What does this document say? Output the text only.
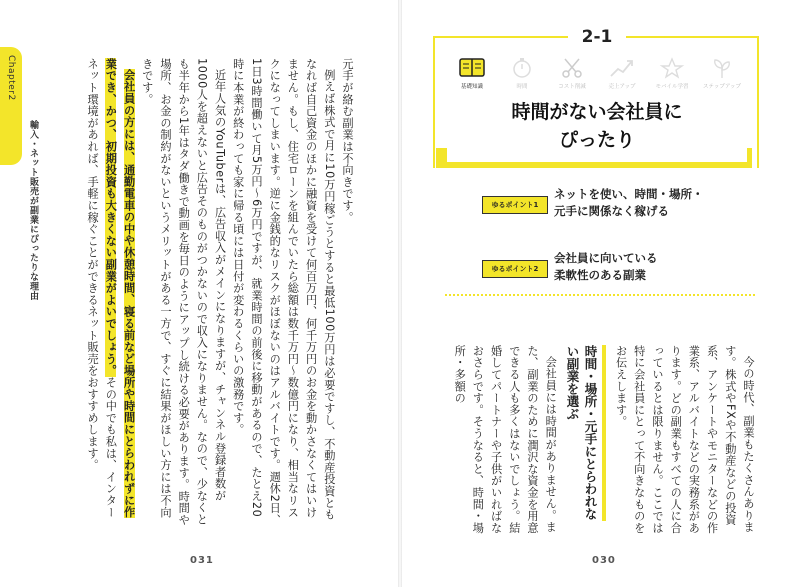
Chapter2
輸入・ネット販売が副業にぴったりな理由	元手が絡む副業は不向きです。

例えば株式で月に10万円稼ごうとすると最低100万円は必要ですし、不動産投資ともなれば自己資金のほかに融資を受けて何百万円、何千万円のお金を動かさなくてはいけません。もし、住宅ローンを組んでいたら総額は数千万円〜数億円になり、相当なリスクになってしまいます。逆に金銭的なリスクがほぼないのはアルバイトです。週休2日、1日3時間働いて月5万円〜6万円ですが、就業時間の前後に移動があるので、たとえ20時に本業が終わっても家に帰る頃には日付が変わるくらいの激務です。

近年人気のYouTuberは、広告収入がメインになりますが、チャンネル登録者数が1000人を超えないと広告そのものがつかないので収入になりません。なので、少なくとも半年から1年はタダ働きで動画を毎日のようにアップし続ける必要があります。時間や場所、お金の制約がないというメリットがある一方で、すぐに結果がほしい方には不向きです。

会社員の方には、通勤電車の中や休憩時間、寝る前など場所や時間にとらわれずに作業でき、かつ、初期投資も大きくない副業がよいでしょう。その中でも私は、インターネット環境があれば、手軽に稼ぐことができるネット販売をおすすめします。

031
2-1
基礎知識	時間	コスト削減	売上アップ	モバイル学習	ステップアップ
時間がない会社員に
ぴったり
ゆるポイント1
ネットを使い、時間・場所・
元手に関係なく稼げる
ゆるポイント2
会社員に向いている
柔軟性のある副業

今の時代、副業もたくさんあります。株式やFXや不動産などの投資系、アンケートやモニターなどの作業系、アルバイトなどの実務系があります。どの副業もすべての人に合っているとは限りません。ここでは特に会社員にとって不向きなものをお伝えします。

時間・場所・元手にとらわれない副業を選ぶ

会社員には時間がありません。また、副業のために潤沢な資金を用意できる人も多くはないでしょう。結婚してパートナーや子供がいればなおさらです。そうなると、時間・場所・多額の

030
